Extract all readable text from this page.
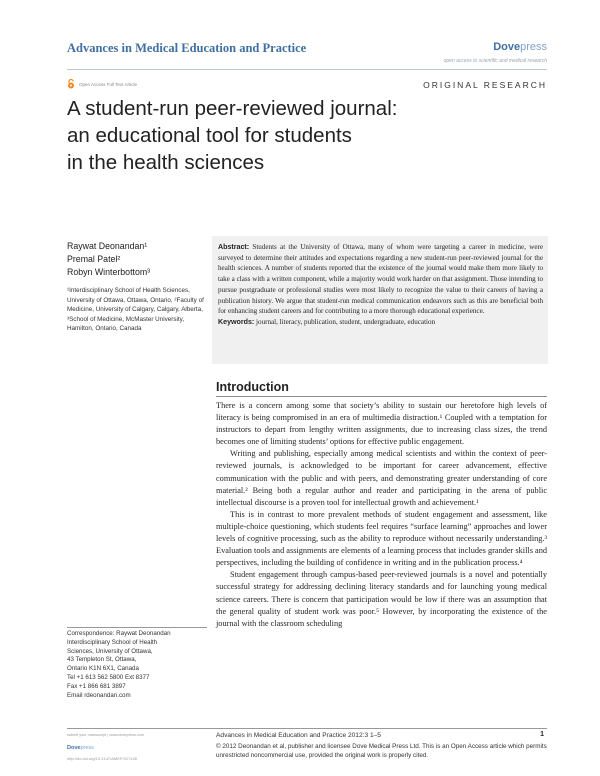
Advances in Medical Education and Practice	Dovepress
open access to scientific and medical research
Open Access Full Text Article	ORIGINAL RESEARCH
A student-run peer-reviewed journal:
an educational tool for students
in the health sciences
Raywat Deonandan¹
Premal Patel²
Robyn Winterbottom³
¹Interdisciplinary School of Health Sciences, University of Ottawa, Ottawa, Ontario, ²Faculty of Medicine, University of Calgary, Calgary, Alberta, ³School of Medicine, McMaster University, Hamilton, Ontario, Canada

Abstract: Students at the University of Ottawa, many of whom were targeting a career in medicine, were surveyed to determine their attitudes and expectations regarding a new student-run peer-reviewed journal for the health sciences. A number of students reported that the existence of the journal would make them more likely to take a class with a written component, while a majority would work harder on that assignment. Those intending to pursue postgraduate or professional studies were most likely to recognize the value to their careers of having a publication history. We argue that student-run medical communication endeavors such as this are beneficial both for enhancing student careers and for contributing to a more thorough educational experience.

Keywords: journal, literacy, publication, student, undergraduate, education

Introduction

There is a concern among some that society’s ability to sustain our heretofore high levels of literacy is being compromised in an era of multimedia distraction.¹ Coupled with a temptation for instructors to depart from lengthy written assignments, due to increasing class sizes, the trend becomes one of limiting students’ options for effective public engagement.

Writing and publishing, especially among medical scientists and within the context of peer-reviewed journals, is acknowledged to be important for career advancement, effective communication with the public and with peers, and demonstrating greater understanding of core material.² Being both a regular author and reader and participating in the arena of public intellectual discourse is a proven tool for intellectual growth and achievement.¹

This is in contrast to more prevalent methods of student engagement and assessment, like multiple-choice questioning, which students feel requires “surface learning” approaches and lower levels of cognitive processing, such as the ability to reproduce without necessarily understanding.³ Evaluation tools and assignments are elements of a learning process that includes grander skills and perspectives, including the building of confidence in writing and in the publication process.⁴

Student engagement through campus-based peer-reviewed journals is a novel and potentially successful strategy for addressing declining literacy standards and for launching young medical science careers. There is concern that participation would be low if there was an assumption that the general quality of student work was poor.⁵ However, by incorporating the existence of the journal with the classroom scheduling

Correspondence: Raywat Deonandan
Interdisciplinary School of Health
Sciences, University of Ottawa,
43 Templeton St, Ottawa,
Ontario K1N 6X1, Canada
Tel +1 613 562 5800 Ext 8377
Fax +1 866 681 3897
Email rdeonandan.com
submit your manuscript | www.dovepress.com
Dovepress
http://dx.doi.org/10.2147/AMEP.S27146
Advances in Medical Education and Practice 2012:3 1–5	1
© 2012 Deonandan et al, publisher and licensee Dove Medical Press Ltd. This is an Open Access article which permits unrestricted noncommercial use, provided the original work is properly cited.
